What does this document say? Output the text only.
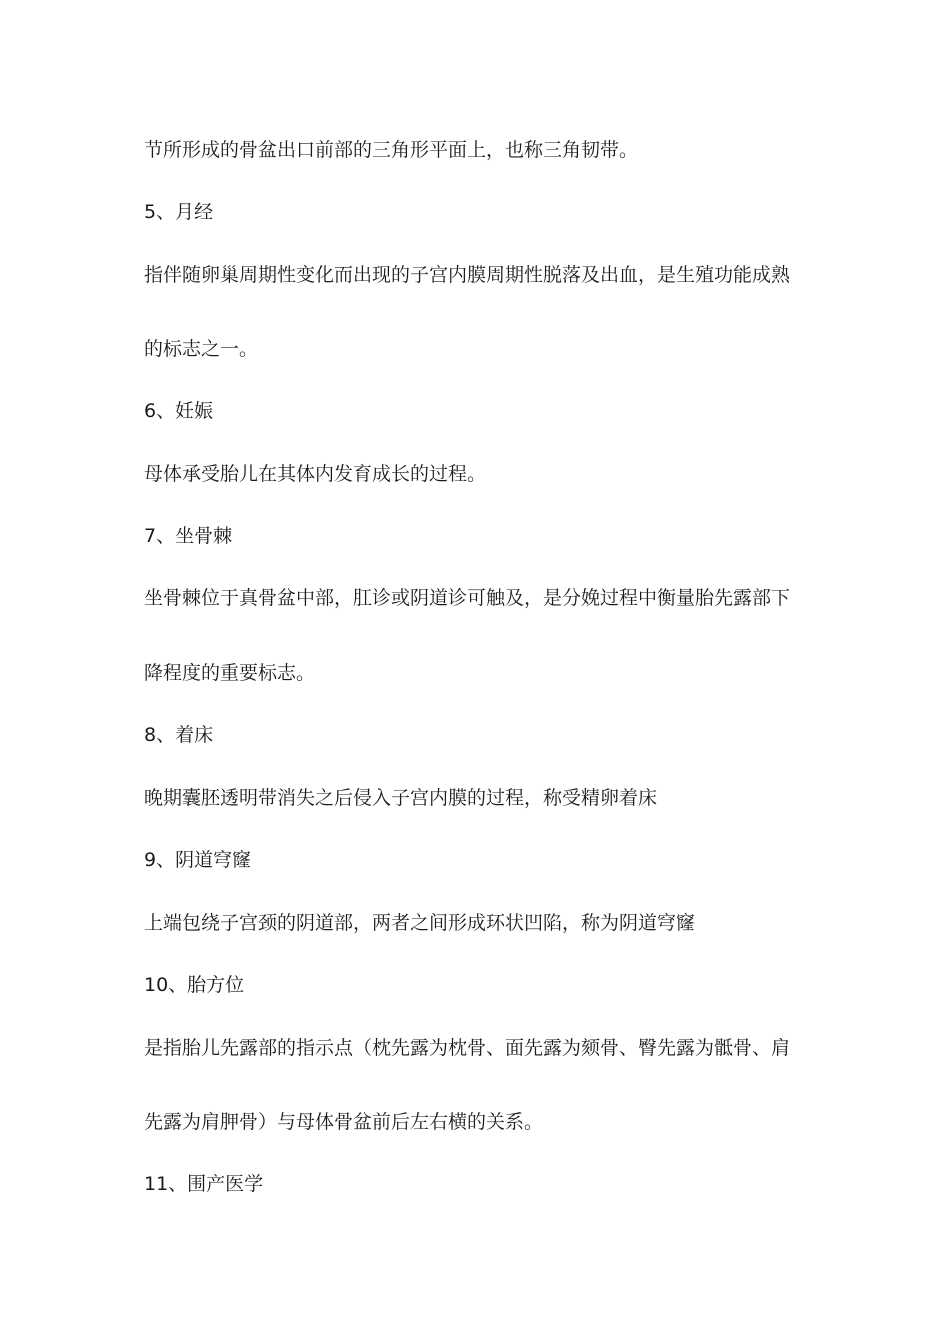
节所形成的骨盆出口前部的三角形平面上，也称三角韧带。
5、月经
指伴随卵巢周期性变化而出现的子宫内膜周期性脱落及出血，是生殖功能成熟
的标志之一。
6、妊娠
母体承受胎儿在其体内发育成长的过程。
7、坐骨棘
坐骨棘位于真骨盆中部，肛诊或阴道诊可触及，是分娩过程中衡量胎先露部下
降程度的重要标志。
8、着床
晚期囊胚透明带消失之后侵入子宫内膜的过程，称受精卵着床
9、阴道穹窿
上端包绕子宫颈的阴道部，两者之间形成环状凹陷，称为阴道穹窿
10、胎方位
是指胎儿先露部的指示点（枕先露为枕骨、面先露为颏骨、臀先露为骶骨、肩
先露为肩胛骨）与母体骨盆前后左右横的关系。
11、围产医学
